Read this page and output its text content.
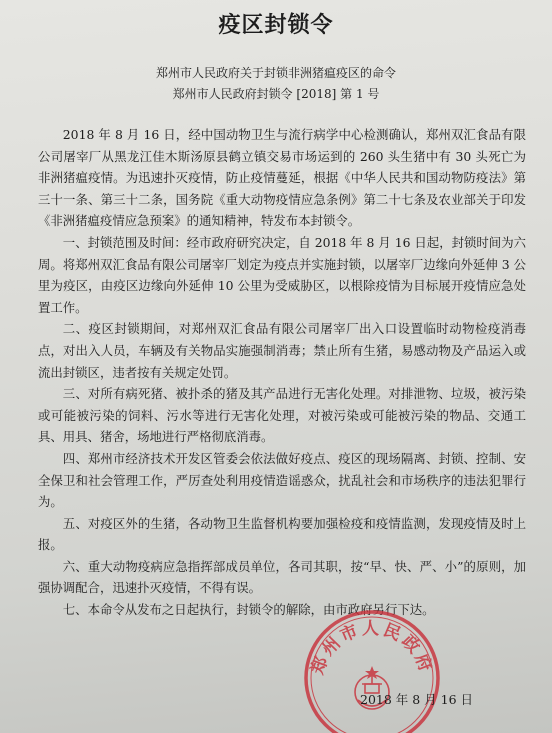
疫区封锁令
郑州市人民政府关于封锁非洲猪瘟疫区的命令
郑州市人民政府封锁令 [2018] 第 1 号

2018 年 8 月 16 日，经中国动物卫生与流行病学中心检测确认，郑州双汇食品有限公司屠宰厂从黑龙江佳木斯汤原县鹤立镇交易市场运到的 260 头生猪中有 30 头死亡为非洲猪瘟疫情。为迅速扑灭疫情，防止疫情蔓延，根据《中华人民共和国动物防疫法》第三十一条、第三十二条，国务院《重大动物疫情应急条例》第二十七条及农业部关于印发《非洲猪瘟疫情应急预案》的通知精神，特发布本封锁令。

一、封锁范围及时间：经市政府研究决定，自 2018 年 8 月 16 日起，封锁时间为六周。将郑州双汇食品有限公司屠宰厂划定为疫点并实施封锁，以屠宰厂边缘向外延伸 3 公里为疫区，由疫区边缘向外延伸 10 公里为受威胁区，以根除疫情为目标展开疫情应急处置工作。

二、疫区封锁期间，对郑州双汇食品有限公司屠宰厂出入口设置临时动物检疫消毒点，对出入人员，车辆及有关物品实施强制消毒；禁止所有生猪，易感动物及产品运入或流出封锁区，违者按有关规定处罚。

三、对所有病死猪、被扑杀的猪及其产品进行无害化处理。对排泄物、垃圾，被污染或可能被污染的饲料、污水等进行无害化处理，对被污染或可能被污染的物品、交通工具、用具、猪舍，场地进行严格彻底消毒。

四、郑州市经济技术开发区管委会依法做好疫点、疫区的现场隔离、封锁、控制、安全保卫和社会管理工作，严厉查处利用疫情造谣惑众，扰乱社会和市场秩序的违法犯罪行为。

五、对疫区外的生猪，各动物卫生监督机构要加强检疫和疫情监测，发现疫情及时上报。

六、重大动物疫病应急指挥部成员单位，各司其职，按“早、快、严、小”的原则，加强协调配合，迅速扑灭疫情，不得有误。

七、本命令从发布之日起执行，封锁令的解除，由市政府另行下达。

郑州市人民政府
2018 年 8 月 16 日
